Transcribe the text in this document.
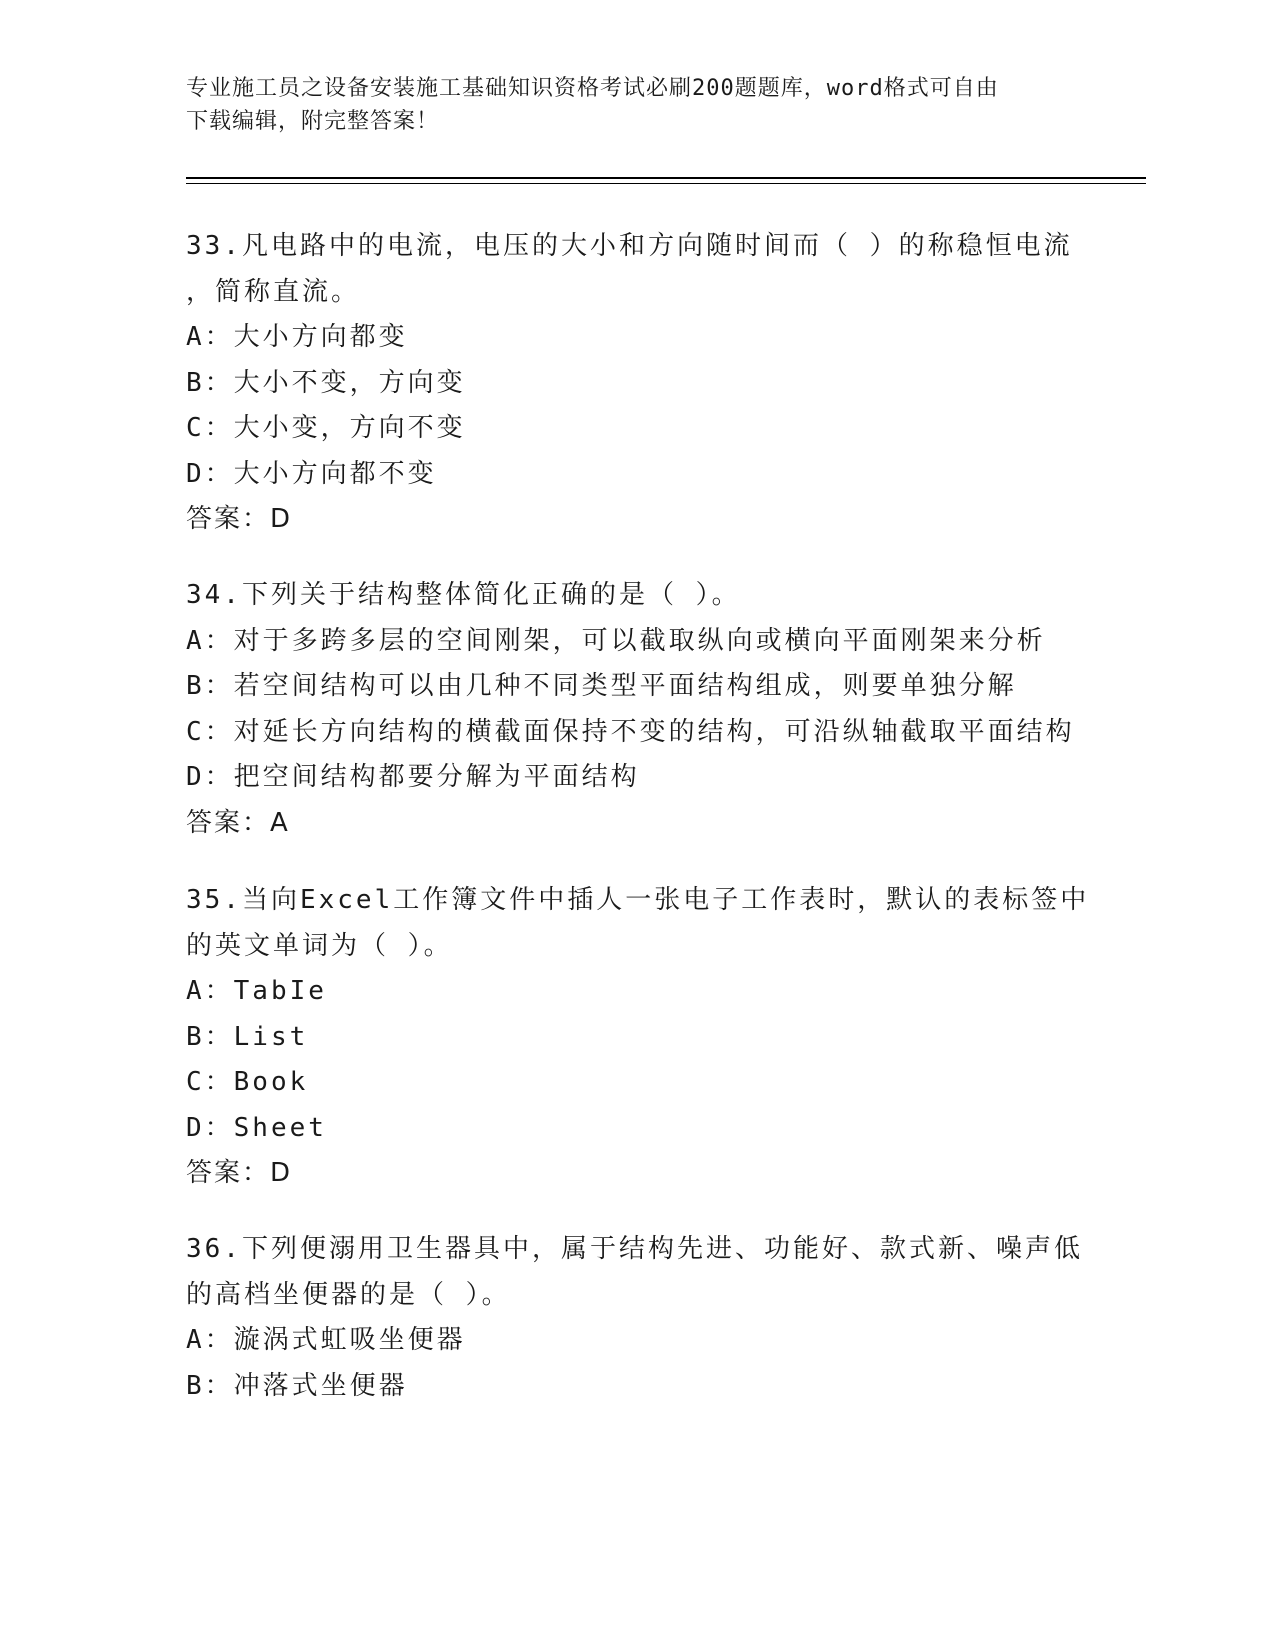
专业施工员之设备安装施工基础知识资格考试必刷200题题库，word格式可自由
下载编辑，附完整答案！
33.凡电路中的电流，电压的大小和方向随时间而（ ）的称稳恒电流
，简称直流。
A：大小方向都变
B：大小不变，方向变
C：大小变，方向不变
D：大小方向都不变
答案：D
34.下列关于结构整体简化正确的是（ ）。
A：对于多跨多层的空间刚架，可以截取纵向或横向平面刚架来分析
B：若空间结构可以由几种不同类型平面结构组成，则要单独分解
C：对延长方向结构的横截面保持不变的结构，可沿纵轴截取平面结构
D：把空间结构都要分解为平面结构
答案：A
35.当向Excel工作簿文件中插人一张电子工作表时，默认的表标签中
的英文单词为（ ）。
A：TabIe
B：List
C：Book
D：Sheet
答案：D
36.下列便溺用卫生器具中，属于结构先进、功能好、款式新、噪声低
的高档坐便器的是（ ）。
A：漩涡式虹吸坐便器
B：冲落式坐便器
